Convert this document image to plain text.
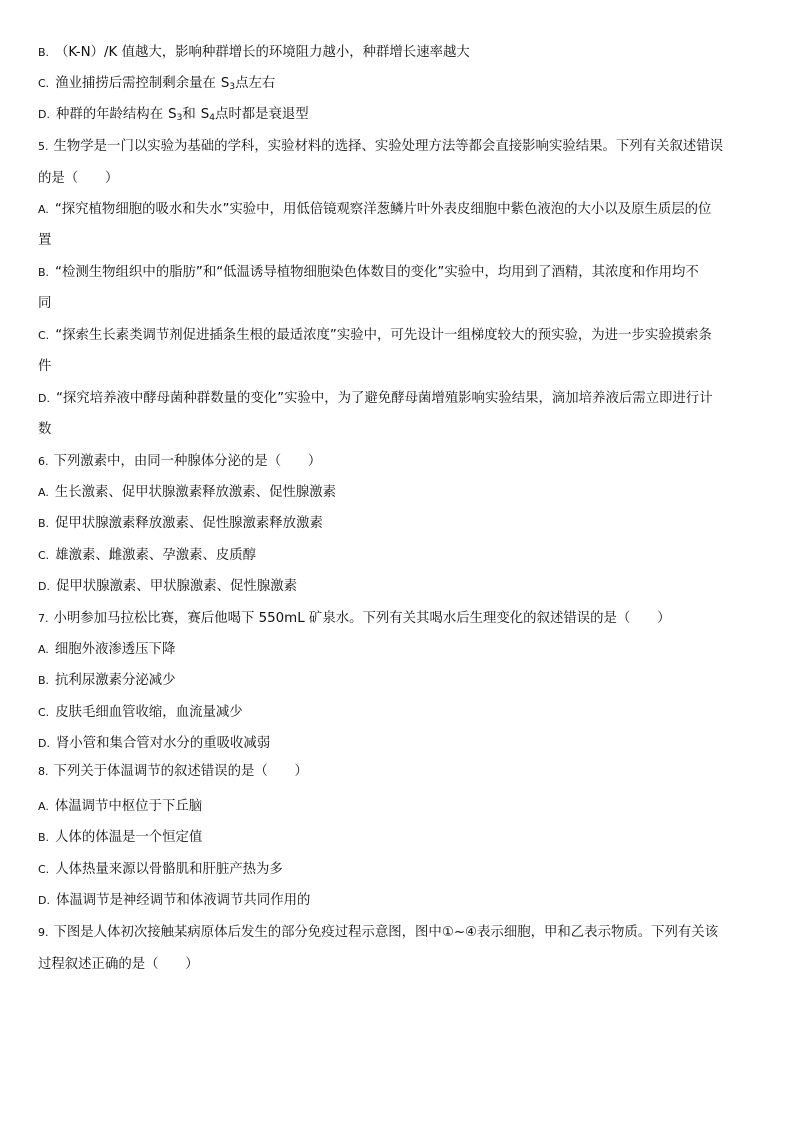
B. （K-N）/K 值越大，影响种群增长的环境阻力越小，种群增长速率越大
C. 渔业捕捞后需控制剩余量在 $S_3$点左右
D. 种群的年龄结构在 $S_3$和 $S_4$点时都是衰退型
5. 生物学是一门以实验为基础的学科，实验材料的选择、实验处理方法等都会直接影响实验结果。下列有关叙述错误
的是（　　）
A. “探究植物细胞的吸水和失水”实验中，用低倍镜观察洋葱鳞片叶外表皮细胞中紫色液泡的大小以及原生质层的位
置
B. “检测生物组织中的脂肪”和“低温诱导植物细胞染色体数目的变化”实验中，均用到了酒精，其浓度和作用均不
同
C. “探索生长素类调节剂促进插条生根的最适浓度”实验中，可先设计一组梯度较大的预实验，为进一步实验摸索条
件
D. “探究培养液中酵母菌种群数量的变化”实验中，为了避免酵母菌增殖影响实验结果，滴加培养液后需立即进行计
数
6. 下列激素中，由同一种腺体分泌的是（　　）
A. 生长激素、促甲状腺激素释放激素、促性腺激素
B. 促甲状腺激素释放激素、促性腺激素释放激素
C. 雄激素、雌激素、孕激素、皮质醇
D. 促甲状腺激素、甲状腺激素、促性腺激素
7. 小明参加马拉松比赛，赛后他喝下 550mL 矿泉水。下列有关其喝水后生理变化的叙述错误的是（　　）
A. 细胞外液渗透压下降
B. 抗利尿激素分泌减少
C. 皮肤毛细血管收缩，血流量减少
D. 肾小管和集合管对水分的重吸收减弱
8. 下列关于体温调节的叙述错误的是（　　）
A. 体温调节中枢位于下丘脑
B. 人体的体温是一个恒定值
C. 人体热量来源以骨骼肌和肝脏产热为多
D. 体温调节是神经调节和体液调节共同作用的
9. 下图是人体初次接触某病原体后发生的部分免疫过程示意图，图中①~④表示细胞，甲和乙表示物质。下列有关该
过程叙述正确的是（　　）
